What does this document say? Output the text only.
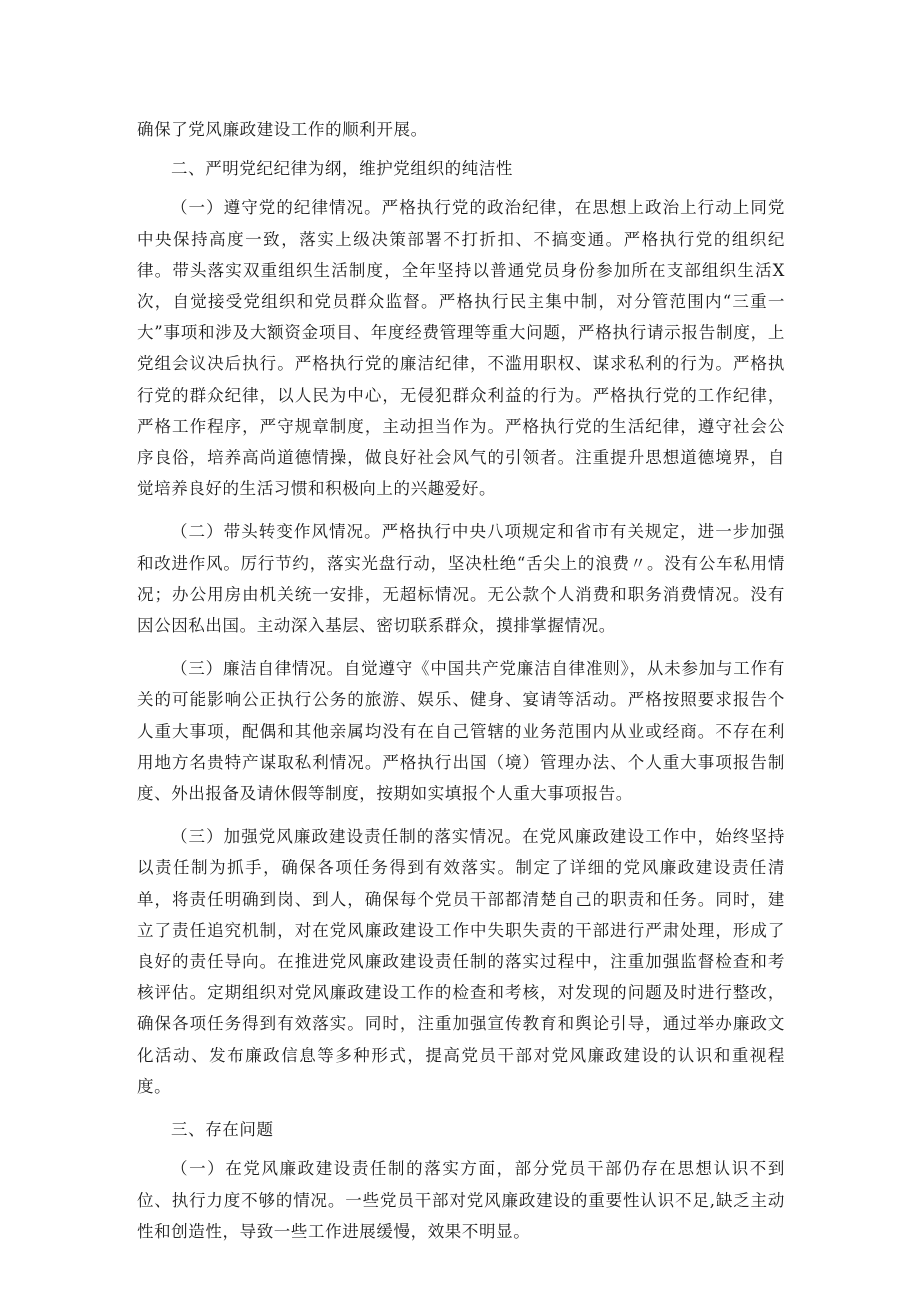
确保了党风廉政建设工作的顺利开展。

二、严明党纪纪律为纲，维护党组织的纯洁性

（一）遵守党的纪律情况。严格执行党的政治纪律，在思想上政治上行动上同党中央保持高度一致，落实上级决策部署不打折扣、不搞变通。严格执行党的组织纪律。带头落实双重组织生活制度，全年坚持以普通党员身份参加所在支部组织生活X次，自觉接受党组织和党员群众监督。严格执行民主集中制，对分管范围内“三重一大”事项和涉及大额资金项目、年度经费管理等重大问题，严格执行请示报告制度，上党组会议决后执行。严格执行党的廉洁纪律，不滥用职权、谋求私利的行为。严格执行党的群众纪律，以人民为中心，无侵犯群众利益的行为。严格执行党的工作纪律，严格工作程序，严守规章制度，主动担当作为。严格执行党的生活纪律，遵守社会公序良俗，培养高尚道德情操，做良好社会风气的引领者。注重提升思想道德境界，自觉培养良好的生活习惯和积极向上的兴趣爱好。

（二）带头转变作风情况。严格执行中央八项规定和省市有关规定，进一步加强和改进作风。厉行节约，落实光盘行动，坚决杜绝“舌尖上的浪费〃。没有公车私用情况；办公用房由机关统一安排，无超标情况。无公款个人消费和职务消费情况。没有因公因私出国。主动深入基层、密切联系群众，摸排掌握情况。

（三）廉洁自律情况。自觉遵守《中国共产党廉洁自律准则》，从未参加与工作有关的可能影响公正执行公务的旅游、娱乐、健身、宴请等活动。严格按照要求报告个人重大事项，配偶和其他亲属均没有在自己管辖的业务范围内从业或经商。不存在利用地方名贵特产谋取私利情况。严格执行出国（境）管理办法、个人重大事项报告制度、外出报备及请休假等制度，按期如实填报个人重大事项报告。

（三）加强党风廉政建设责任制的落实情况。在党风廉政建设工作中，始终坚持以责任制为抓手，确保各项任务得到有效落实。制定了详细的党风廉政建设责任清单，将责任明确到岗、到人，确保每个党员干部都清楚自己的职责和任务。同时，建立了责任追究机制，对在党风廉政建设工作中失职失责的干部进行严肃处理，形成了良好的责任导向。在推进党风廉政建设责任制的落实过程中，注重加强监督检查和考核评估。定期组织对党风廉政建设工作的检查和考核，对发现的问题及时进行整改，确保各项任务得到有效落实。同时，注重加强宣传教育和舆论引导，通过举办廉政文化活动、发布廉政信息等多种形式，提高党员干部对党风廉政建设的认识和重视程度。

三、存在问题

（一）在党风廉政建设责任制的落实方面，部分党员干部仍存在思想认识不到位、执行力度不够的情况。一些党员干部对党风廉政建设的重要性认识不足,缺乏主动性和创造性，导致一些工作进展缓慢，效果不明显。
